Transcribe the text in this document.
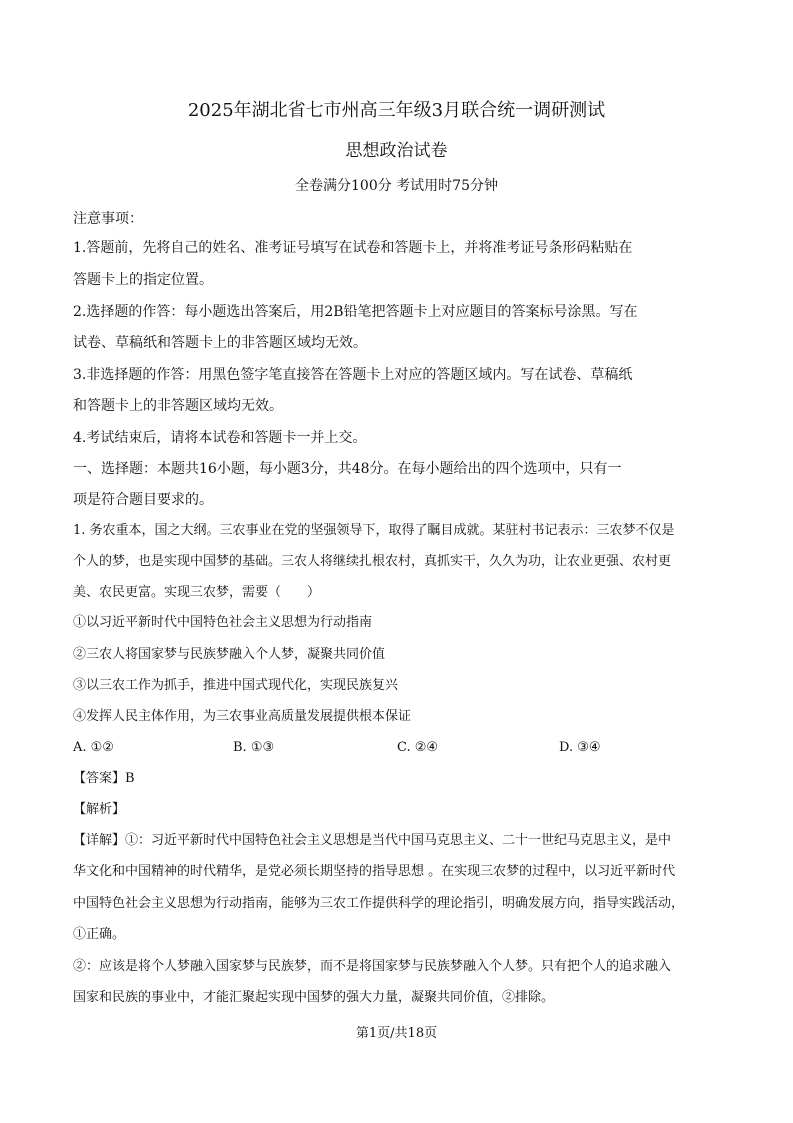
2025年湖北省七市州高三年级3月联合统一调研测试
思想政治试卷
全卷满分100分 考试用时75分钟
注意事项：
1.答题前，先将自己的姓名、准考证号填写在试卷和答题卡上，并将准考证号条形码粘贴在
答题卡上的指定位置。
2.选择题的作答：每小题选出答案后，用2B铅笔把答题卡上对应题目的答案标号涂黑。写在
试卷、草稿纸和答题卡上的非答题区域均无效。
3.非选择题的作答：用黑色签字笔直接答在答题卡上对应的答题区域内。写在试卷、草稿纸
和答题卡上的非答题区域均无效。
4.考试结束后，请将本试卷和答题卡一并上交。
一、选择题：本题共16小题，每小题3分，共48分。在每小题给出的四个选项中，只有一
项是符合题目要求的。
1. 务农重本，国之大纲。三农事业在党的坚强领导下，取得了瞩目成就。某驻村书记表示：三农梦不仅是
个人的梦，也是实现中国梦的基础。三农人将继续扎根农村，真抓实干，久久为功，让农业更强、农村更
美、农民更富。实现三农梦，需要（　　）
①以习近平新时代中国特色社会主义思想为行动指南
②三农人将国家梦与民族梦融入个人梦，凝聚共同价值
③以三农工作为抓手，推进中国式现代化，实现民族复兴
④发挥人民主体作用，为三农事业高质量发展提供根本保证
A. ①②	B. ①③	C. ②④	D. ③④
【答案】B
【解析】
【详解】①：习近平新时代中国特色社会主义思想是当代中国马克思主义、二十一世纪马克思主义，是中
华文化和中国精神的时代精华，是党必须长期坚持的指导思想 。在实现三农梦的过程中，以习近平新时代
中国特色社会主义思想为行动指南，能够为三农工作提供科学的理论指引，明确发展方向，指导实践活动，
①正确。
②：应该是将个人梦融入国家梦与民族梦，而不是将国家梦与民族梦融入个人梦。只有把个人的追求融入
国家和民族的事业中，才能汇聚起实现中国梦的强大力量，凝聚共同价值，②排除。
第1页/共18页
